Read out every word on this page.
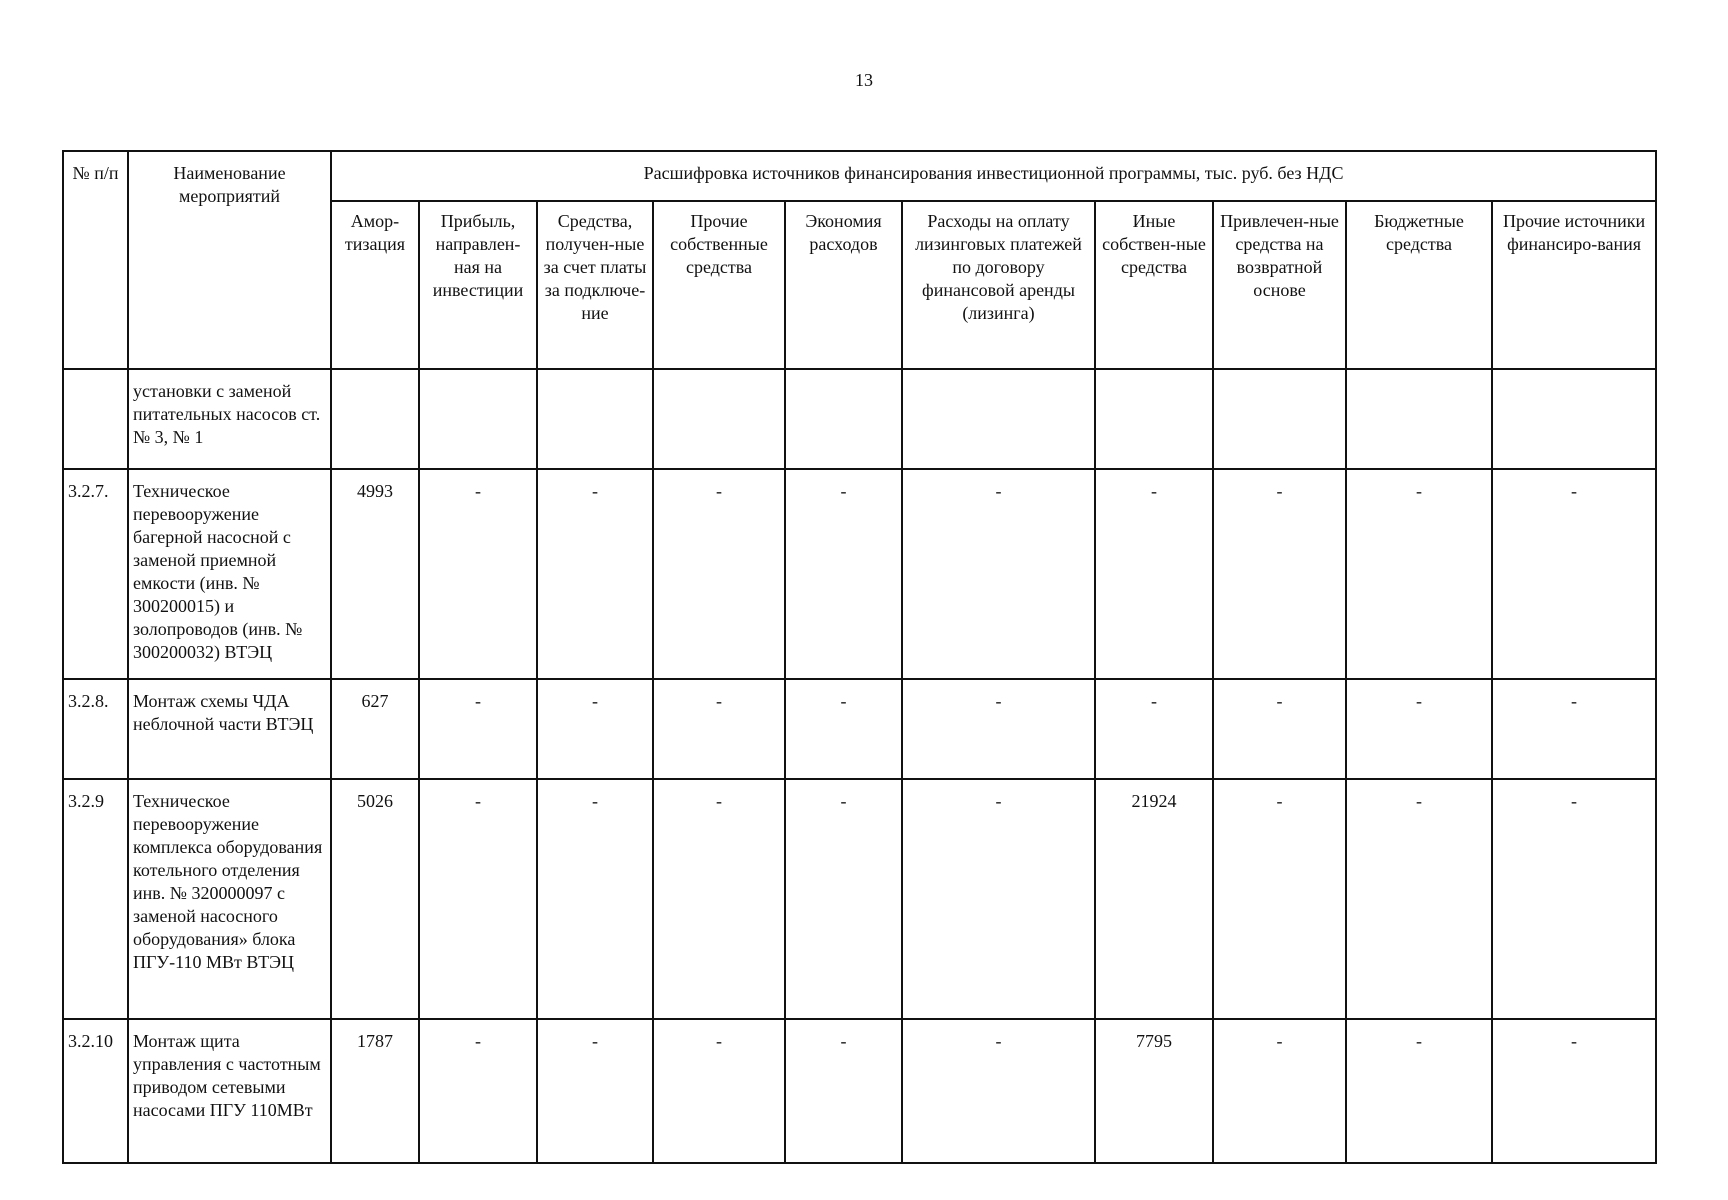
13
№ п/п	Наименование мероприятий	Расшифровка источников финансирования инвестиционной программы, тыс. руб. без НДС									
		Амор-тизация	Прибыль, направлен-ная на инвестиции	Средства, получен-ные за счет платы за подключе-ние	Прочие собственные средства	Экономия расходов	Расходы на оплату лизинговых платежей по договору финансовой аренды (лизинга)	Иные собствен-ные средства	Привлечен-ные средства на возвратной основе	Бюджетные средства	Прочие источники финансиро-вания
	установки с заменой питательных насосов ст. № 3, № 1										
3.2.7.	Техническое перевооружение багерной насосной с заменой приемной емкости (инв. № 300200015) и золопроводов (инв. № 300200032) ВТЭЦ	4993	-	-	-	-	-	-	-	-	-
3.2.8.	Монтаж схемы ЧДА неблочной части ВТЭЦ	627	-	-	-	-	-	-	-	-	-
3.2.9	Техническое перевооружение комплекса оборудования котельного отделения инв. № 320000097 с заменой насосного оборудования» блока ПГУ-110 МВт ВТЭЦ	5026	-	-	-	-	-	21924	-	-	-
3.2.10	Монтаж щита управления с частотным приводом сетевыми насосами ПГУ 110МВт	1787	-	-	-	-	-	7795	-	-	-
